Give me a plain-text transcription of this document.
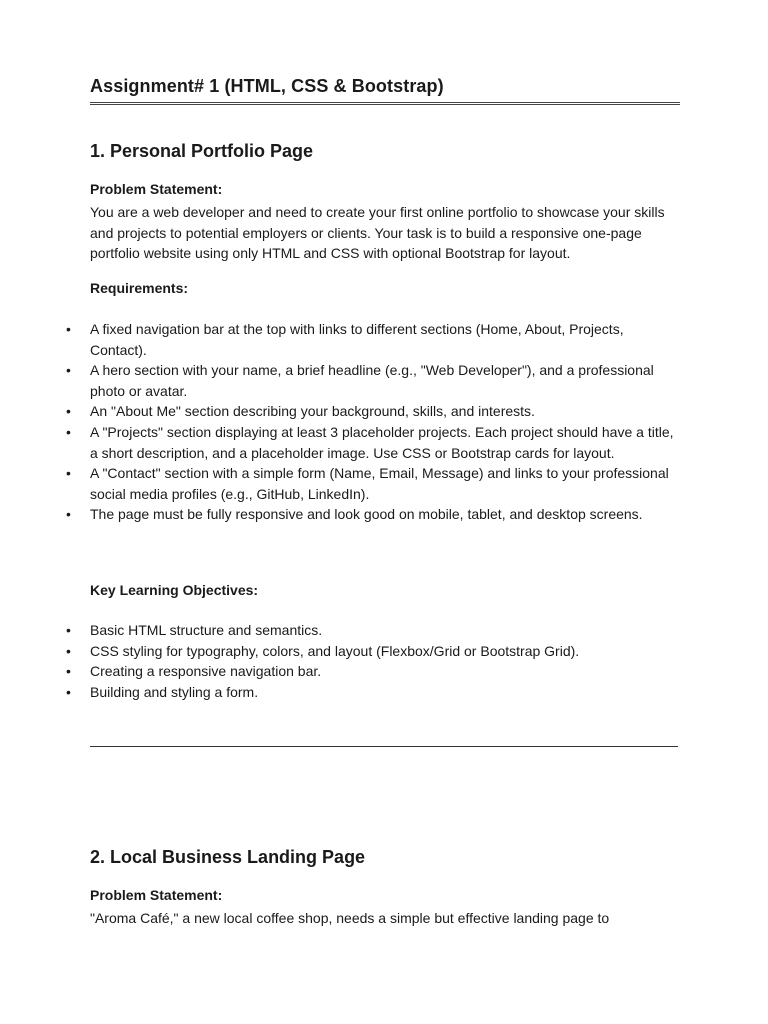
Assignment# 1 (HTML, CSS & Bootstrap)
1. Personal Portfolio Page

Problem Statement:

You are a web developer and need to create your first online portfolio to showcase your skills and projects to potential employers or clients. Your task is to build a responsive one-page portfolio website using only HTML and CSS with optional Bootstrap for layout.

Requirements:

• A fixed navigation bar at the top with links to different sections (Home, About, Projects, Contact).
• A hero section with your name, a brief headline (e.g., "Web Developer"), and a professional photo or avatar.
• An "About Me" section describing your background, skills, and interests.
• A "Projects" section displaying at least 3 placeholder projects. Each project should have a title, a short description, and a placeholder image. Use CSS or Bootstrap cards for layout.
• A "Contact" section with a simple form (Name, Email, Message) and links to your professional social media profiles (e.g., GitHub, LinkedIn).
• The page must be fully responsive and look good on mobile, tablet, and desktop screens.

Key Learning Objectives:

• Basic HTML structure and semantics.
• CSS styling for typography, colors, and layout (Flexbox/Grid or Bootstrap Grid).
• Creating a responsive navigation bar.
• Building and styling a form.
2. Local Business Landing Page

Problem Statement:

"Aroma Café," a new local coffee shop, needs a simple but effective landing page to
